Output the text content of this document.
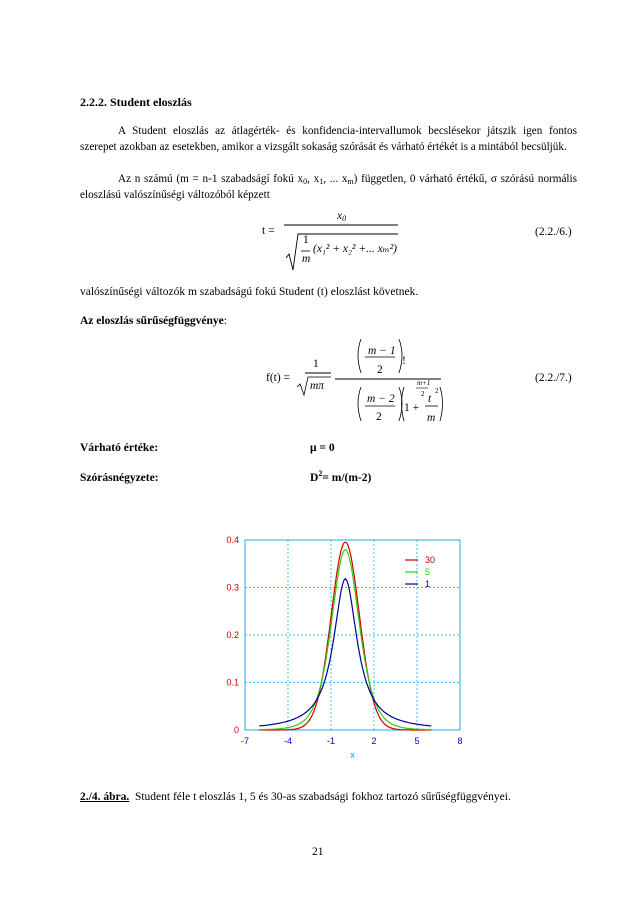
2.2.2. Student eloszlás
A Student eloszlás az átlagérték- és konfidencia-intervallumok becslésekor játszik igen fontos szerepet azokban az esetekben, amikor a vizsgált sokaság szórását és várható értékét is a mintából becsüljük.
Az n számú (m = n-1 szabadságí fokú $x_0$, $x_1$, ... $x_m$) független, 0 várható értékű, σ szórású normális eloszlású valószínűségi változóból képzett
t =
$x_0$
1
m
(x₁² + x₂² +... xₘ²)
(2.2./6.)
valószínűségi változók m szabadságú fokú Student (t) eloszlást követnek.
Az eloszlás sűrűségfüggvénye:
f(t) =
1
mπ
m − 1
2
!
m − 2
2
1 +
t
2
m
m+1
2
(2.2./7.)
Várható értéke:	μ = 0
Szórásnégyzete:	$D^2= m/(m-2)$
-7	-4	-1	2	5	8
0
0.1
0.2
0.3
0.4
x
30
5
1
2./4. ábra. Student féle t eloszlás 1, 5 és 30-as szabadsági fokhoz tartozó sűrűségfüggvényei.
21
